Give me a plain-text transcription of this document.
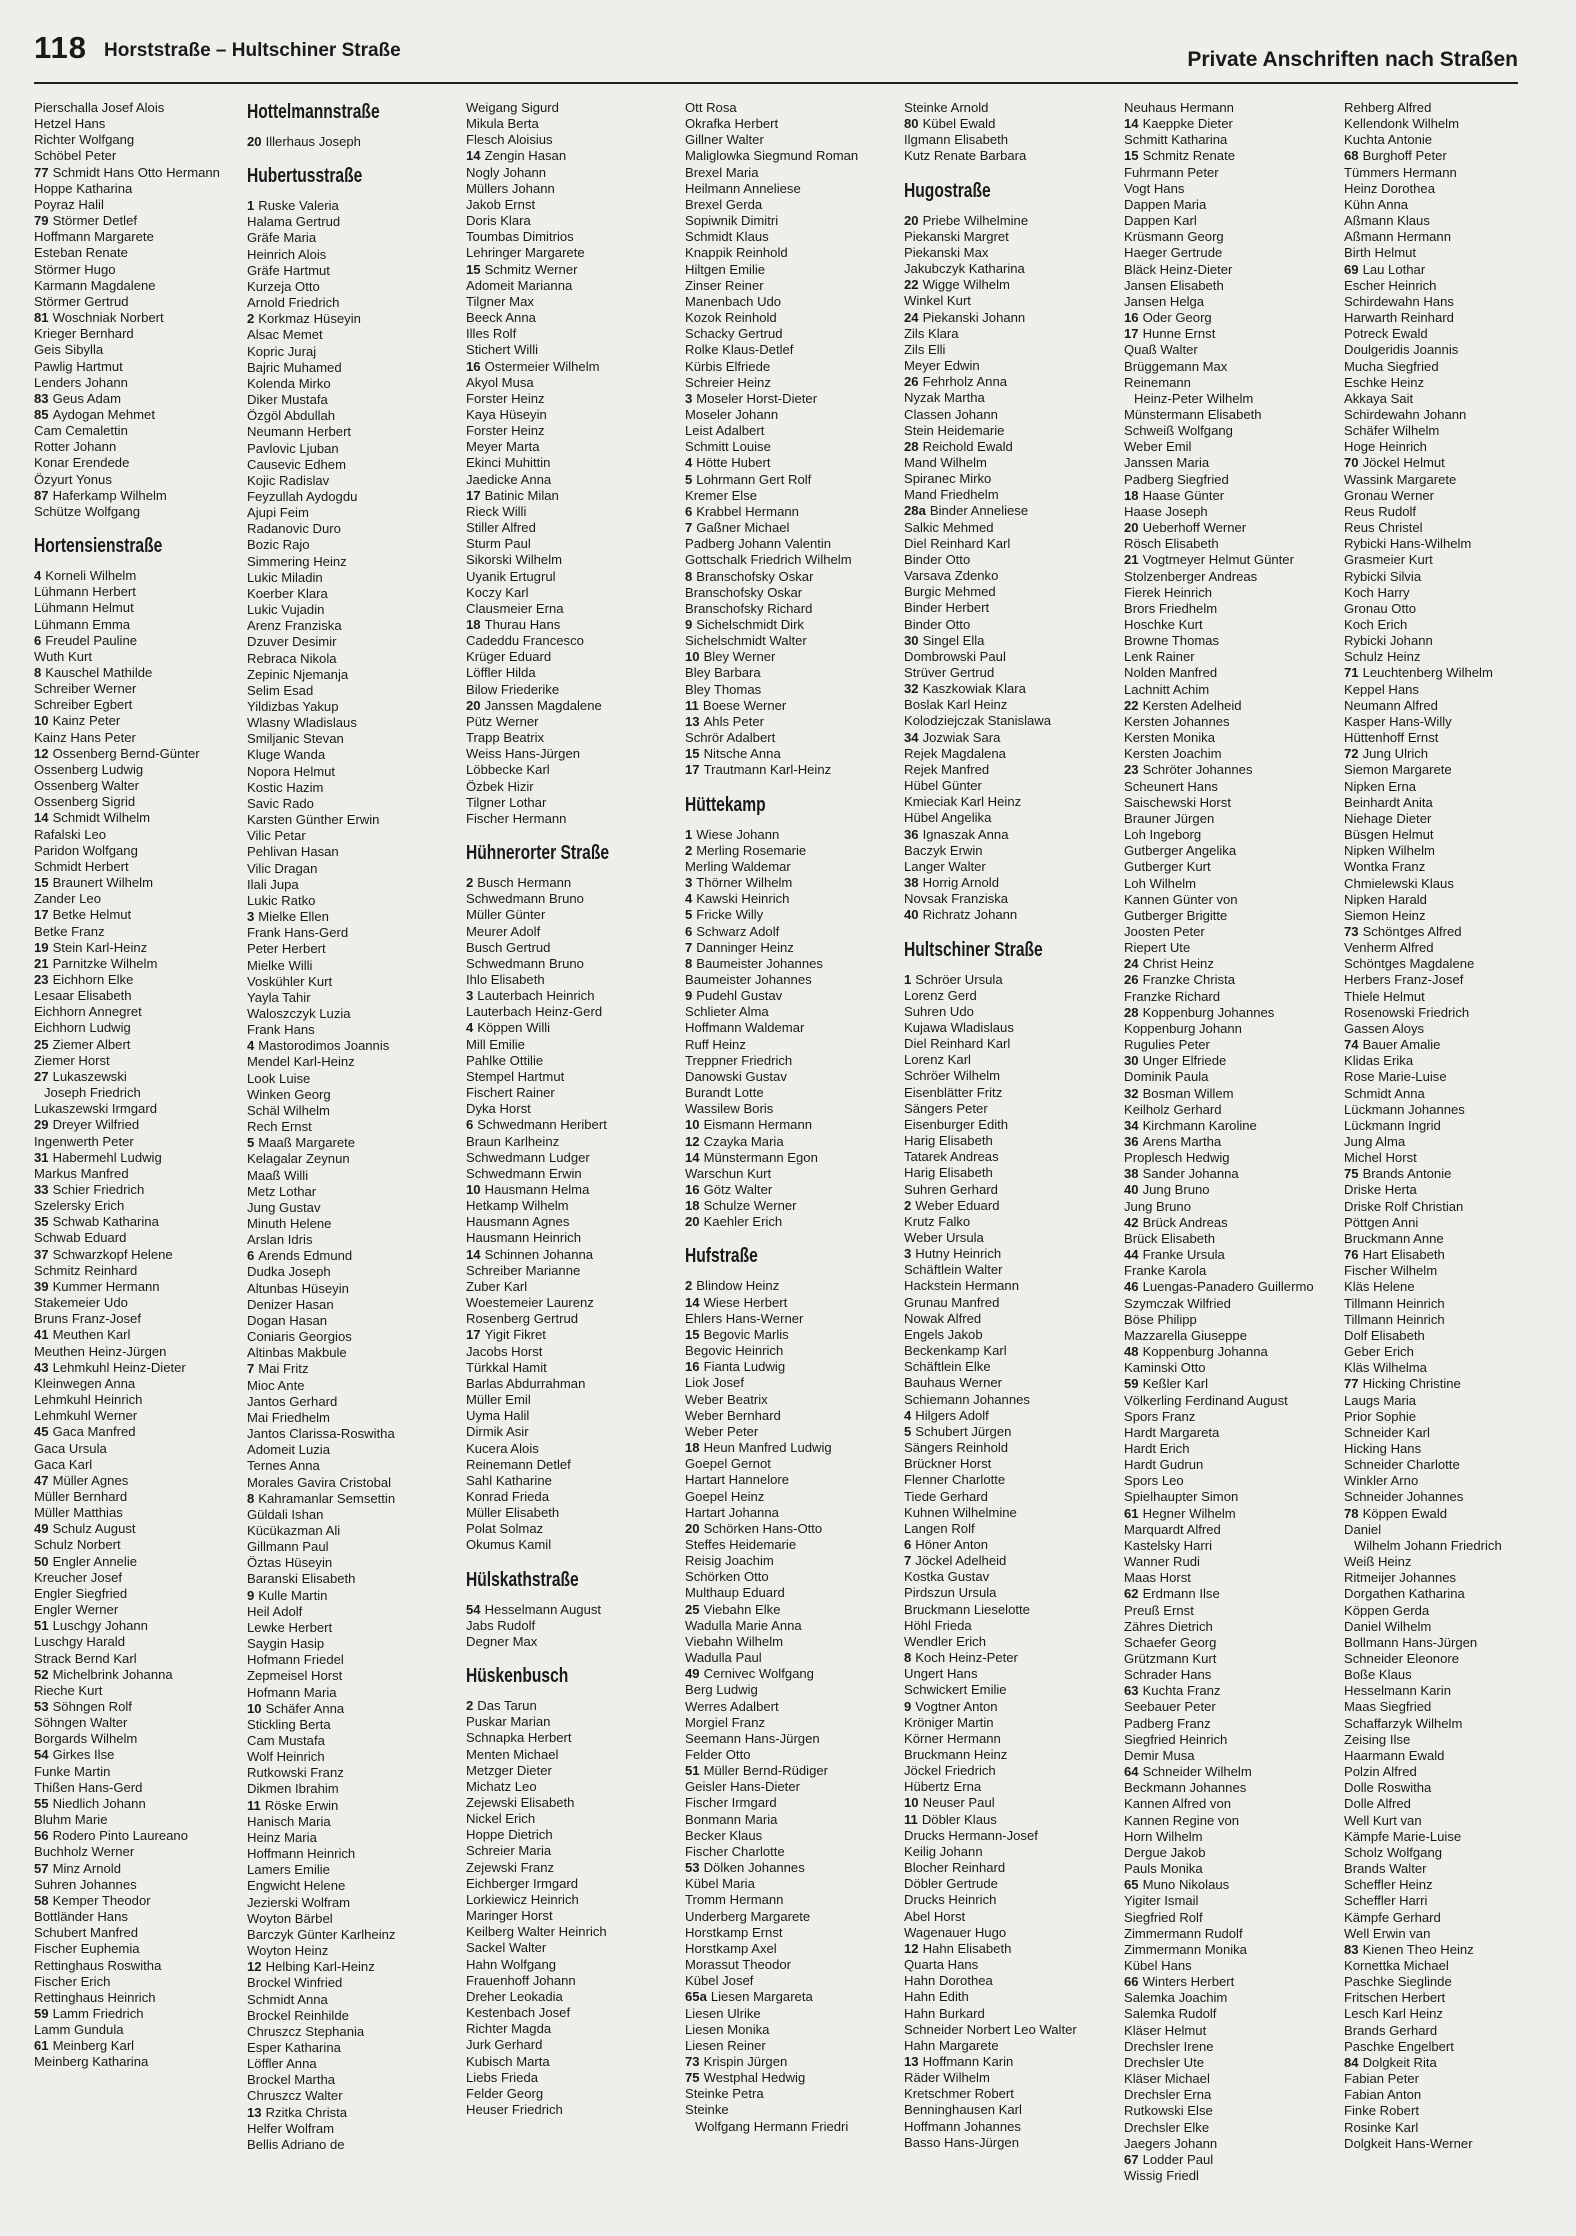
118 Horststraße – Hultschiner Straße	Private Anschriften nach Straßen
Pierschalla Josef Alois
Hetzel Hans
Richter Wolfgang
Schöbel Peter
77 Schmidt Hans Otto Hermann
Hoppe Katharina
Poyraz Halil
79 Störmer Detlef
Hoffmann Margarete
Esteban Renate
Störmer Hugo
Karmann Magdalene
Störmer Gertrud
81 Woschniak Norbert
Krieger Bernhard
Geis Sibylla
Pawlig Hartmut
Lenders Johann
83 Geus Adam
85 Aydogan Mehmet
Cam Cemalettin
Rotter Johann
Konar Erendede
Özyurt Yonus
87 Haferkamp Wilhelm
Schütze Wolfgang
Hortensienstraße
4 Korneli Wilhelm
Lühmann Herbert
Lühmann Helmut
Lühmann Emma
6 Freudel Pauline
Wuth Kurt
8 Kauschel Mathilde
Schreiber Werner
Schreiber Egbert
10 Kainz Peter
Kainz Hans Peter
12 Ossenberg Bernd-Günter
Ossenberg Ludwig
Ossenberg Walter
Ossenberg Sigrid
14 Schmidt Wilhelm
Rafalski Leo
Paridon Wolfgang
Schmidt Herbert
15 Braunert Wilhelm
Zander Leo
17 Betke Helmut
Betke Franz
19 Stein Karl-Heinz
21 Parnitzke Wilhelm
23 Eichhorn Elke
Lesaar Elisabeth
Eichhorn Annegret
Eichhorn Ludwig
25 Ziemer Albert
Ziemer Horst
27 Lukaszewski
Joseph Friedrich
Lukaszewski Irmgard
29 Dreyer Wilfried
Ingenwerth Peter
31 Habermehl Ludwig
Markus Manfred
33 Schier Friedrich
Szelersky Erich
35 Schwab Katharina
Schwab Eduard
37 Schwarzkopf Helene
Schmitz Reinhard
39 Kummer Hermann
Stakemeier Udo
Bruns Franz-Josef
41 Meuthen Karl
Meuthen Heinz-Jürgen
43 Lehmkuhl Heinz-Dieter
Kleinwegen Anna
Lehmkuhl Heinrich
Lehmkuhl Werner
45 Gaca Manfred
Gaca Ursula
Gaca Karl
47 Müller Agnes
Müller Bernhard
Müller Matthias
49 Schulz August
Schulz Norbert
50 Engler Annelie
Kreucher Josef
Engler Siegfried
Engler Werner
51 Luschgy Johann
Luschgy Harald
Strack Bernd Karl
52 Michelbrink Johanna
Rieche Kurt
53 Söhngen Rolf
Söhngen Walter
Borgards Wilhelm
54 Girkes Ilse
Funke Martin
Thißen Hans-Gerd
55 Niedlich Johann
Bluhm Marie
56 Rodero Pinto Laureano
Buchholz Werner
57 Minz Arnold
Suhren Johannes
58 Kemper Theodor
Bottländer Hans
Schubert Manfred
Fischer Euphemia
Rettinghaus Roswitha
Fischer Erich
Rettinghaus Heinrich
59 Lamm Friedrich
Lamm Gundula
61 Meinberg Karl
Meinberg Katharina
Hottelmannstraße
20 Illerhaus Joseph
Hubertusstraße
1 Ruske Valeria
Halama Gertrud
Gräfe Maria
Heinrich Alois
Gräfe Hartmut
Kurzeja Otto
Arnold Friedrich
2 Korkmaz Hüseyin
Alsac Memet
Kopric Juraj
Bajric Muhamed
Kolenda Mirko
Diker Mustafa
Özgöl Abdullah
Neumann Herbert
Pavlovic Ljuban
Causevic Edhem
Kojic Radislav
Feyzullah Aydogdu
Ajupi Feim
Radanovic Duro
Bozic Rajo
Simmering Heinz
Lukic Miladin
Koerber Klara
Lukic Vujadin
Arenz Franziska
Dzuver Desimir
Rebraca Nikola
Zepinic Njemanja
Selim Esad
Yildizbas Yakup
Wlasny Wladislaus
Smiljanic Stevan
Kluge Wanda
Nopora Helmut
Kostic Hazim
Savic Rado
Karsten Günther Erwin
Vilic Petar
Pehlivan Hasan
Vilic Dragan
Ilali Jupa
Lukic Ratko
3 Mielke Ellen
Frank Hans-Gerd
Peter Herbert
Mielke Willi
Voskühler Kurt
Yayla Tahir
Waloszczyk Luzia
Frank Hans
4 Mastorodimos Joannis
Mendel Karl-Heinz
Look Luise
Winken Georg
Schäl Wilhelm
Rech Ernst
5 Maaß Margarete
Kelagalar Zeynun
Maaß Willi
Metz Lothar
Jung Gustav
Minuth Helene
Arslan Idris
6 Arends Edmund
Dudka Joseph
Altunbas Hüseyin
Denizer Hasan
Dogan Hasan
Coniaris Georgios
Altinbas Makbule
7 Mai Fritz
Mioc Ante
Jantos Gerhard
Mai Friedhelm
Jantos Clarissa-Roswitha
Adomeit Luzia
Ternes Anna
Morales Gavira Cristobal
8 Kahramanlar Semsettin
Güldali Ishan
Kücükazman Ali
Gillmann Paul
Öztas Hüseyin
Baranski Elisabeth
9 Kulle Martin
Heil Adolf
Lewke Herbert
Saygin Hasip
Hofmann Friedel
Zepmeisel Horst
Hofmann Maria
10 Schäfer Anna
Stickling Berta
Cam Mustafa
Wolf Heinrich
Rutkowski Franz
Dikmen Ibrahim
11 Röske Erwin
Hanisch Maria
Heinz Maria
Hoffmann Heinrich
Lamers Emilie
Engwicht Helene
Jezierski Wolfram
Woyton Bärbel
Barczyk Günter Karlheinz
Woyton Heinz
12 Helbing Karl-Heinz
Brockel Winfried
Schmidt Anna
Brockel Reinhilde
Chruszcz Stephania
Esper Katharina
Löffler Anna
Brockel Martha
Chruszcz Walter
13 Rzitka Christa
Helfer Wolfram
Bellis Adriano de
Weigang Sigurd
Mikula Berta
Flesch Aloisius
14 Zengin Hasan
Nogly Johann
Müllers Johann
Jakob Ernst
Doris Klara
Toumbas Dimitrios
Lehringer Margarete
15 Schmitz Werner
Adomeit Marianna
Tilgner Max
Beeck Anna
Illes Rolf
Stichert Willi
16 Ostermeier Wilhelm
Akyol Musa
Forster Heinz
Kaya Hüseyin
Forster Heinz
Meyer Marta
Ekinci Muhittin
Jaedicke Anna
17 Batinic Milan
Rieck Willi
Stiller Alfred
Sturm Paul
Sikorski Wilhelm
Uyanik Ertugrul
Koczy Karl
Clausmeier Erna
18 Thurau Hans
Cadeddu Francesco
Krüger Eduard
Löffler Hilda
Bilow Friederike
20 Janssen Magdalene
Pütz Werner
Trapp Beatrix
Weiss Hans-Jürgen
Löbbecke Karl
Özbek Hizir
Tilgner Lothar
Fischer Hermann
Hühnerorter Straße
2 Busch Hermann
Schwedmann Bruno
Müller Günter
Meurer Adolf
Busch Gertrud
Schwedmann Bruno
Ihlo Elisabeth
3 Lauterbach Heinrich
Lauterbach Heinz-Gerd
4 Köppen Willi
Mill Emilie
Pahlke Ottilie
Stempel Hartmut
Fischert Rainer
Dyka Horst
6 Schwedmann Heribert
Braun Karlheinz
Schwedmann Ludger
Schwedmann Erwin
10 Hausmann Helma
Hetkamp Wilhelm
Hausmann Agnes
Hausmann Heinrich
14 Schinnen Johanna
Schreiber Marianne
Zuber Karl
Woestemeier Laurenz
Rosenberg Gertrud
17 Yigit Fikret
Jacobs Horst
Türkkal Hamit
Barlas Abdurrahman
Müller Emil
Uyma Halil
Dirmik Asir
Kucera Alois
Reinemann Detlef
Sahl Katharine
Konrad Frieda
Müller Elisabeth
Polat Solmaz
Okumus Kamil
Hülskathstraße
54 Hesselmann August
Jabs Rudolf
Degner Max
Hüskenbusch
2 Das Tarun
Puskar Marian
Schnapka Herbert
Menten Michael
Metzger Dieter
Michatz Leo
Zejewski Elisabeth
Nickel Erich
Hoppe Dietrich
Schreier Maria
Zejewski Franz
Eichberger Irmgard
Lorkiewicz Heinrich
Maringer Horst
Keilberg Walter Heinrich
Sackel Walter
Hahn Wolfgang
Frauenhoff Johann
Dreher Leokadia
Kestenbach Josef
Richter Magda
Jurk Gerhard
Kubisch Marta
Liebs Frieda
Felder Georg
Heuser Friedrich
Ott Rosa
Okrafka Herbert
Gillner Walter
Maliglowka Siegmund Roman
Brexel Maria
Heilmann Anneliese
Brexel Gerda
Sopiwnik Dimitri
Schmidt Klaus
Knappik Reinhold
Hiltgen Emilie
Zinser Reiner
Manenbach Udo
Kozok Reinhold
Schacky Gertrud
Rolke Klaus-Detlef
Kürbis Elfriede
Schreier Heinz
3 Moseler Horst-Dieter
Moseler Johann
Leist Adalbert
Schmitt Louise
4 Hötte Hubert
5 Lohrmann Gert Rolf
Kremer Else
6 Krabbel Hermann
7 Gaßner Michael
Padberg Johann Valentin
Gottschalk Friedrich Wilhelm
8 Branschofsky Oskar
Branschofsky Oskar
Branschofsky Richard
9 Sichelschmidt Dirk
Sichelschmidt Walter
10 Bley Werner
Bley Barbara
Bley Thomas
11 Boese Werner
13 Ahls Peter
Schrör Adalbert
15 Nitsche Anna
17 Trautmann Karl-Heinz
Hüttekamp
1 Wiese Johann
2 Merling Rosemarie
Merling Waldemar
3 Thörner Wilhelm
4 Kawski Heinrich
5 Fricke Willy
6 Schwarz Adolf
7 Danninger Heinz
8 Baumeister Johannes
Baumeister Johannes
9 Pudehl Gustav
Schlieter Alma
Hoffmann Waldemar
Ruff Heinz
Treppner Friedrich
Danowski Gustav
Burandt Lotte
Wassilew Boris
10 Eismann Hermann
12 Czayka Maria
14 Münstermann Egon
Warschun Kurt
16 Götz Walter
18 Schulze Werner
20 Kaehler Erich
Hufstraße
2 Blindow Heinz
14 Wiese Herbert
Ehlers Hans-Werner
15 Begovic Marlis
Begovic Heinrich
16 Fianta Ludwig
Liok Josef
Weber Beatrix
Weber Bernhard
Weber Peter
18 Heun Manfred Ludwig
Goepel Gernot
Hartart Hannelore
Goepel Heinz
Hartart Johanna
20 Schörken Hans-Otto
Steffes Heidemarie
Reisig Joachim
Schörken Otto
Multhaup Eduard
25 Viebahn Elke
Wadulla Marie Anna
Viebahn Wilhelm
Wadulla Paul
49 Cernivec Wolfgang
Berg Ludwig
Werres Adalbert
Morgiel Franz
Seemann Hans-Jürgen
Felder Otto
51 Müller Bernd-Rüdiger
Geisler Hans-Dieter
Fischer Irmgard
Bonmann Maria
Becker Klaus
Fischer Charlotte
53 Dölken Johannes
Kübel Maria
Tromm Hermann
Underberg Margarete
Horstkamp Ernst
Horstkamp Axel
Morassut Theodor
Kübel Josef
65a Liesen Margareta
Liesen Ulrike
Liesen Monika
Liesen Reiner
73 Krispin Jürgen
75 Westphal Hedwig
Steinke Petra
Steinke
Wolfgang Hermann Friedri
Steinke Arnold
80 Kübel Ewald
Ilgmann Elisabeth
Kutz Renate Barbara
Hugostraße
20 Priebe Wilhelmine
Piekanski Margret
Piekanski Max
Jakubczyk Katharina
22 Wigge Wilhelm
Winkel Kurt
24 Piekanski Johann
Zils Klara
Zils Elli
Meyer Edwin
26 Fehrholz Anna
Nyzak Martha
Classen Johann
Stein Heidemarie
28 Reichold Ewald
Mand Wilhelm
Spiranec Mirko
Mand Friedhelm
28a Binder Anneliese
Salkic Mehmed
Diel Reinhard Karl
Binder Otto
Varsava Zdenko
Burgic Mehmed
Binder Herbert
Binder Otto
30 Singel Ella
Dombrowski Paul
Strüver Gertrud
32 Kaszkowiak Klara
Boslak Karl Heinz
Kolodziejczak Stanislawa
34 Jozwiak Sara
Rejek Magdalena
Rejek Manfred
Hübel Günter
Kmieciak Karl Heinz
Hübel Angelika
36 Ignaszak Anna
Baczyk Erwin
Langer Walter
38 Horrig Arnold
Novsak Franziska
40 Richratz Johann
Hultschiner Straße
1 Schröer Ursula
Lorenz Gerd
Suhren Udo
Kujawa Wladislaus
Diel Reinhard Karl
Lorenz Karl
Schröer Wilhelm
Eisenblätter Fritz
Sängers Peter
Eisenburger Edith
Harig Elisabeth
Tatarek Andreas
Harig Elisabeth
Suhren Gerhard
2 Weber Eduard
Krutz Falko
Weber Ursula
3 Hutny Heinrich
Schäftlein Walter
Hackstein Hermann
Grunau Manfred
Nowak Alfred
Engels Jakob
Beckenkamp Karl
Schäftlein Elke
Bauhaus Werner
Schiemann Johannes
4 Hilgers Adolf
5 Schubert Jürgen
Sängers Reinhold
Brückner Horst
Flenner Charlotte
Tiede Gerhard
Kuhnen Wilhelmine
Langen Rolf
6 Höner Anton
7 Jöckel Adelheid
Kostka Gustav
Pirdszun Ursula
Bruckmann Lieselotte
Höhl Frieda
Wendler Erich
8 Koch Heinz-Peter
Ungert Hans
Schwickert Emilie
9 Vogtner Anton
Kröniger Martin
Körner Hermann
Bruckmann Heinz
Jöckel Friedrich
Hübertz Erna
10 Neuser Paul
11 Döbler Klaus
Drucks Hermann-Josef
Keilig Johann
Blocher Reinhard
Döbler Gertrude
Drucks Heinrich
Abel Horst
Wagenauer Hugo
12 Hahn Elisabeth
Quarta Hans
Hahn Dorothea
Hahn Edith
Hahn Burkard
Schneider Norbert Leo Walter
Hahn Margarete
13 Hoffmann Karin
Räder Wilhelm
Kretschmer Robert
Benninghausen Karl
Hoffmann Johannes
Basso Hans-Jürgen
Neuhaus Hermann
14 Kaeppke Dieter
Schmitt Katharina
15 Schmitz Renate
Fuhrmann Peter
Vogt Hans
Dappen Maria
Dappen Karl
Krüsmann Georg
Haeger Gertrude
Bläck Heinz-Dieter
Jansen Elisabeth
Jansen Helga
16 Oder Georg
17 Hunne Ernst
Quaß Walter
Brüggemann Max
Reinemann
Heinz-Peter Wilhelm
Münstermann Elisabeth
Schweiß Wolfgang
Weber Emil
Janssen Maria
Padberg Siegfried
18 Haase Günter
Haase Joseph
20 Ueberhoff Werner
Rösch Elisabeth
21 Vogtmeyer Helmut Günter
Stolzenberger Andreas
Fierek Heinrich
Brors Friedhelm
Hoschke Kurt
Browne Thomas
Lenk Rainer
Nolden Manfred
Lachnitt Achim
22 Kersten Adelheid
Kersten Johannes
Kersten Monika
Kersten Joachim
23 Schröter Johannes
Scheunert Hans
Saischewski Horst
Brauner Jürgen
Loh Ingeborg
Gutberger Angelika
Gutberger Kurt
Loh Wilhelm
Kannen Günter von
Gutberger Brigitte
Joosten Peter
Riepert Ute
24 Christ Heinz
26 Franzke Christa
Franzke Richard
28 Koppenburg Johannes
Koppenburg Johann
Rugulies Peter
30 Unger Elfriede
Dominik Paula
32 Bosman Willem
Keilholz Gerhard
34 Kirchmann Karoline
36 Arens Martha
Proplesch Hedwig
38 Sander Johanna
40 Jung Bruno
Jung Bruno
42 Brück Andreas
Brück Elisabeth
44 Franke Ursula
Franke Karola
46 Luengas-Panadero Guillermo
Szymczak Wilfried
Böse Philipp
Mazzarella Giuseppe
48 Koppenburg Johanna
Kaminski Otto
59 Keßler Karl
Völkerling Ferdinand August
Spors Franz
Hardt Margareta
Hardt Erich
Hardt Gudrun
Spors Leo
Spielhaupter Simon
61 Hegner Wilhelm
Marquardt Alfred
Kastelsky Harri
Wanner Rudi
Maas Horst
62 Erdmann Ilse
Preuß Ernst
Zähres Dietrich
Schaefer Georg
Grützmann Kurt
Schrader Hans
63 Kuchta Franz
Seebauer Peter
Padberg Franz
Siegfried Heinrich
Demir Musa
64 Schneider Wilhelm
Beckmann Johannes
Kannen Alfred von
Kannen Regine von
Horn Wilhelm
Dergue Jakob
Pauls Monika
65 Muno Nikolaus
Yigiter Ismail
Siegfried Rolf
Zimmermann Rudolf
Zimmermann Monika
Kübel Hans
66 Winters Herbert
Salemka Joachim
Salemka Rudolf
Kläser Helmut
Drechsler Irene
Drechsler Ute
Kläser Michael
Drechsler Erna
Rutkowski Else
Drechsler Elke
Jaegers Johann
67 Lodder Paul
Wissig Friedl
Rehberg Alfred
Kellendonk Wilhelm
Kuchta Antonie
68 Burghoff Peter
Tümmers Hermann
Heinz Dorothea
Kühn Anna
Aßmann Klaus
Aßmann Hermann
Birth Helmut
69 Lau Lothar
Escher Heinrich
Schirdewahn Hans
Harwarth Reinhard
Potreck Ewald
Doulgeridis Joannis
Mucha Siegfried
Eschke Heinz
Akkaya Sait
Schirdewahn Johann
Schäfer Wilhelm
Hoge Heinrich
70 Jöckel Helmut
Wassink Margarete
Gronau Werner
Reus Rudolf
Reus Christel
Rybicki Hans-Wilhelm
Grasmeier Kurt
Rybicki Silvia
Koch Harry
Gronau Otto
Koch Erich
Rybicki Johann
Schulz Heinz
71 Leuchtenberg Wilhelm
Keppel Hans
Neumann Alfred
Kasper Hans-Willy
Hüttenhoff Ernst
72 Jung Ulrich
Siemon Margarete
Nipken Erna
Beinhardt Anita
Niehage Dieter
Büsgen Helmut
Nipken Wilhelm
Wontka Franz
Chmielewski Klaus
Nipken Harald
Siemon Heinz
73 Schöntges Alfred
Venherm Alfred
Schöntges Magdalene
Herbers Franz-Josef
Thiele Helmut
Rosenowski Friedrich
Gassen Aloys
74 Bauer Amalie
Klidas Erika
Rose Marie-Luise
Schmidt Anna
Lückmann Johannes
Lückmann Ingrid
Jung Alma
Michel Horst
75 Brands Antonie
Driske Herta
Driske Rolf Christian
Pöttgen Anni
Bruckmann Anne
76 Hart Elisabeth
Fischer Wilhelm
Kläs Helene
Tillmann Heinrich
Tillmann Heinrich
Dolf Elisabeth
Geber Erich
Kläs Wilhelma
77 Hicking Christine
Laugs Maria
Prior Sophie
Schneider Karl
Hicking Hans
Schneider Charlotte
Winkler Arno
Schneider Johannes
78 Köppen Ewald
Daniel
Wilhelm Johann Friedrich
Weiß Heinz
Ritmeijer Johannes
Dorgathen Katharina
Köppen Gerda
Daniel Wilhelm
Bollmann Hans-Jürgen
Schneider Eleonore
Boße Klaus
Hesselmann Karin
Maas Siegfried
Schaffarzyk Wilhelm
Zeising Ilse
Haarmann Ewald
Polzin Alfred
Dolle Roswitha
Dolle Alfred
Well Kurt van
Kämpfe Marie-Luise
Scholz Wolfgang
Brands Walter
Scheffler Heinz
Scheffler Harri
Kämpfe Gerhard
Well Erwin van
83 Kienen Theo Heinz
Kornettka Michael
Paschke Sieglinde
Fritschen Herbert
Lesch Karl Heinz
Brands Gerhard
Paschke Engelbert
84 Dolgkeit Rita
Fabian Peter
Fabian Anton
Finke Robert
Rosinke Karl
Dolgkeit Hans-Werner
